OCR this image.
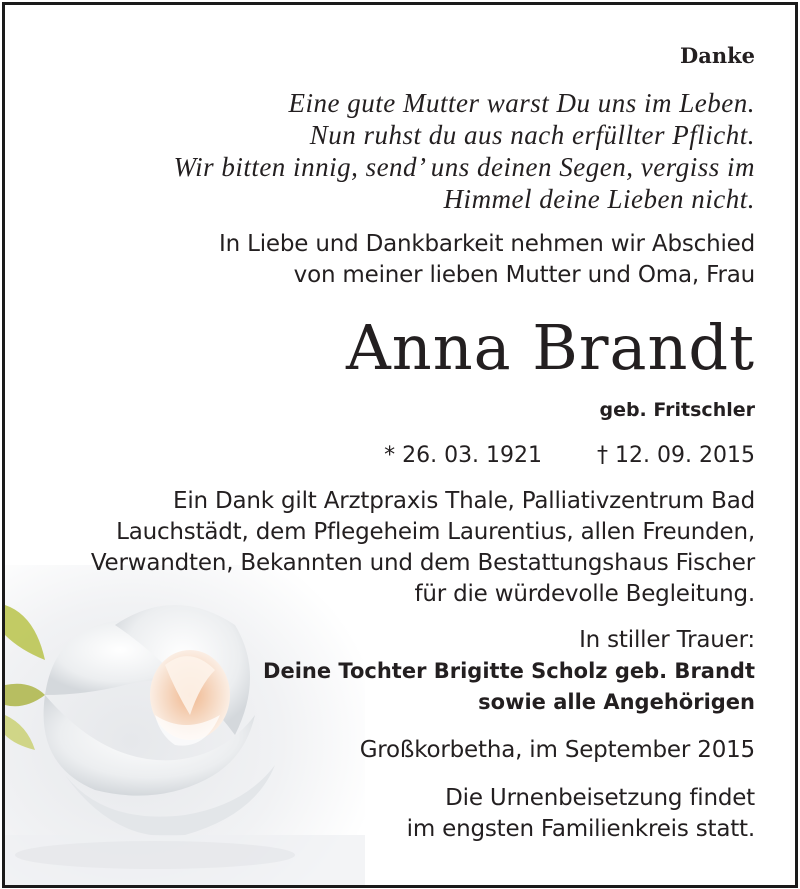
Danke
Eine gute Mutter warst Du uns im Leben.
Nun ruhst du aus nach erfüllter Pflicht.
Wir bitten innig, send’ uns deinen Segen, vergiss im
Himmel deine Lieben nicht.
In Liebe und Dankbarkeit nehmen wir Abschied
von meiner lieben Mutter und Oma, Frau
Anna Brandt
geb. Fritschler
* 26. 03. 1921	† 12. 09. 2015
Ein Dank gilt Arztpraxis Thale, Palliativzentrum Bad
Lauchstädt, dem Pflegeheim Laurentius, allen Freunden,
Verwandten, Bekannten und dem Bestattungshaus Fischer
für die würdevolle Begleitung.
In stiller Trauer:
Deine Tochter Brigitte Scholz geb. Brandt
sowie alle Angehörigen
Großkorbetha, im September 2015
Die Urnenbeisetzung findet
im engsten Familienkreis statt.
